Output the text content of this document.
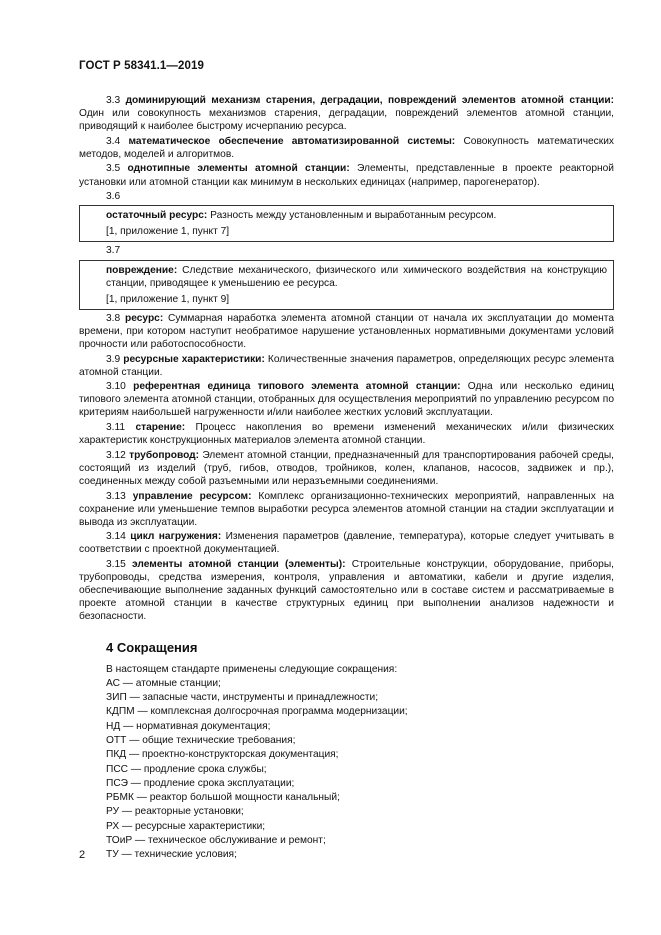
ГОСТ Р 58341.1—2019

3.3 доминирующий механизм старения, деградации, повреждений элементов атомной станции: Один или совокупность механизмов старения, деградации, повреждений элементов атомной станции, приводящий к наиболее быстрому исчерпанию ресурса.

3.4 математическое обеспечение автоматизированной системы: Совокупность математических методов, моделей и алгоритмов.

3.5 однотипные элементы атомной станции: Элементы, представленные в проекте реакторной установки или атомной станции как минимум в нескольких единицах (например, парогенератор).

3.6

остаточный ресурс: Разность между установленным и выработанным ресурсом.

[1, приложение 1, пункт 7]

3.7

повреждение: Следствие механического, физического или химического воздействия на конструкцию станции, приводящее к уменьшению ее ресурса.

[1, приложение 1, пункт 9]

3.8 ресурс: Суммарная наработка элемента атомной станции от начала их эксплуатации до момента времени, при котором наступит необратимое нарушение установленных нормативными документами условий прочности или работоспособности.

3.9 ресурсные характеристики: Количественные значения параметров, определяющих ресурс элемента атомной станции.

3.10 референтная единица типового элемента атомной станции: Одна или несколько единиц типового элемента атомной станции, отобранных для осуществления мероприятий по управлению ресурсом по критериям наибольшей нагруженности и/или наиболее жестких условий эксплуатации.

3.11 старение: Процесс накопления во времени изменений механических и/или физических характеристик конструкционных материалов элемента атомной станции.

3.12 трубопровод: Элемент атомной станции, предназначенный для транспортирования рабочей среды, состоящий из изделий (труб, гибов, отводов, тройников, колен, клапанов, насосов, задвижек и пр.), соединенных между собой разъемными или неразъемными соединениями.

3.13 управление ресурсом: Комплекс организационно-технических мероприятий, направленных на сохранение или уменьшение темпов выработки ресурса элементов атомной станции на стадии эксплуатации и вывода из эксплуатации.

3.14 цикл нагружения: Изменения параметров (давление, температура), которые следует учитывать в соответствии с проектной документацией.

3.15 элементы атомной станции (элементы): Строительные конструкции, оборудование, приборы, трубопроводы, средства измерения, контроля, управления и автоматики, кабели и другие изделия, обеспечивающие выполнение заданных функций самостоятельно или в составе систем и рассматриваемые в проекте атомной станции в качестве структурных единиц при выполнении анализов надежности и безопасности.

4 Сокращения
В настоящем стандарте применены следующие сокращения:
АС — атомные станции;
ЗИП — запасные части, инструменты и принадлежности;
КДПМ — комплексная долгосрочная программа модернизации;
НД — нормативная документация;
ОТТ — общие технические требования;
ПКД — проектно-конструкторская документация;
ПСС — продление срока службы;
ПСЭ — продление срока эксплуатации;
РБМК — реактор большой мощности канальный;
РУ — реакторные установки;
РХ — ресурсные характеристики;
ТОиР — техническое обслуживание и ремонт;
ТУ — технические условия;
2
